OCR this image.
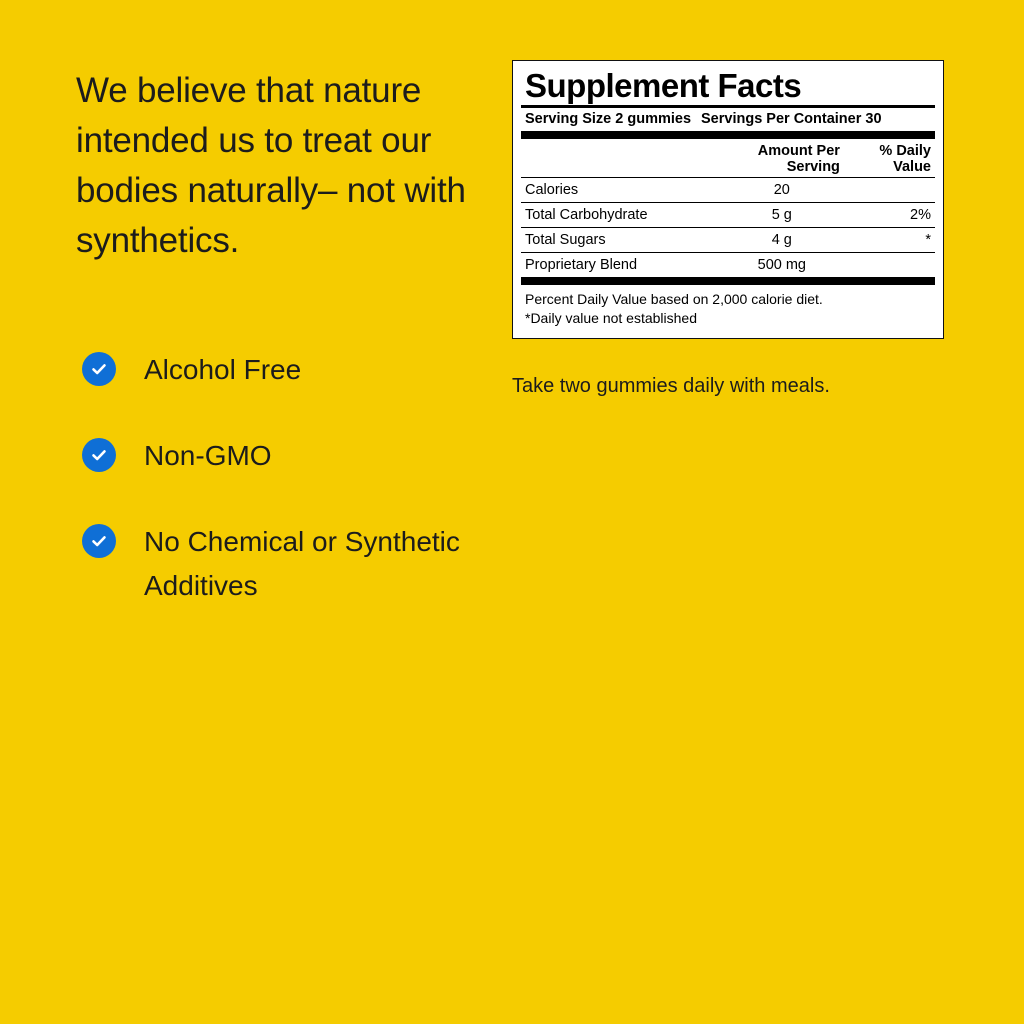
We believe that nature intended us to treat our bodies naturally– not with synthetics.
Alcohol Free
Non-GMO
No Chemical or Synthetic Additives
Supplement Facts
Serving Size 2 gummies Servings Per Container 30
	Amount Per Serving	% Daily Value
Calories	20	
Total Carbohydrate	5 g	2%
Total Sugars	4 g	*
Proprietary Blend	500 mg	
Percent Daily Value based on 2,000 calorie diet.
*Daily value not established
Take two gummies daily with meals.
